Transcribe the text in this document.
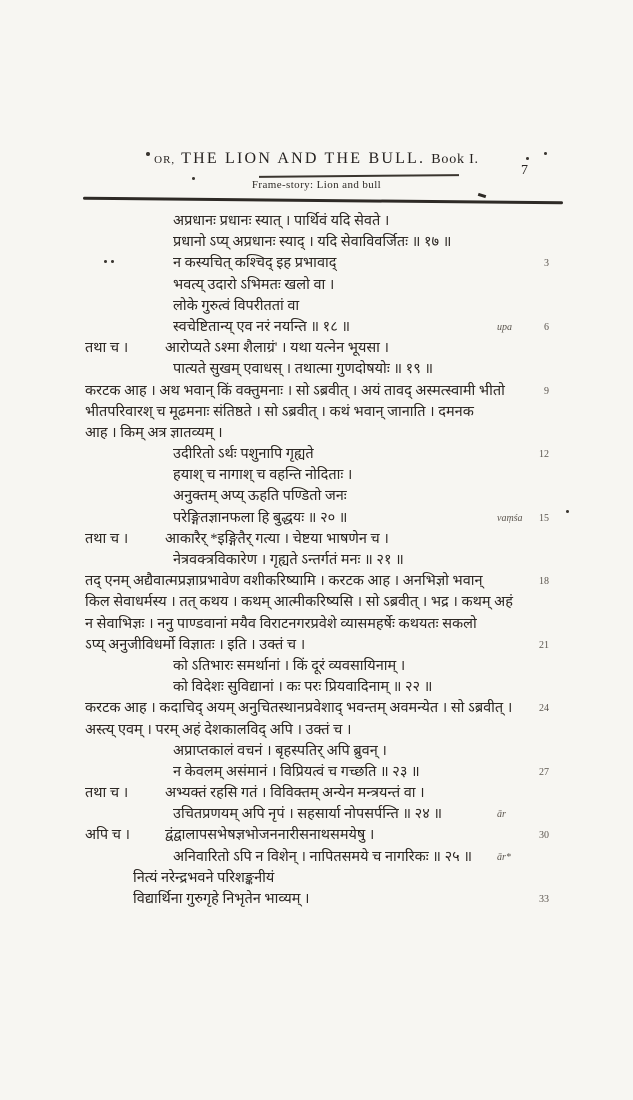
OR, THE LION AND THE BULL. Book I.
7
Frame-story: Lion and bull
अप्रधानः प्रधानः स्यात् । पार्थिवं यदि सेवते ।
प्रधानो ऽप्य् अप्रधानः स्याद् । यदि सेवाविवर्जितः ॥ १७ ॥
न कस्यचित् कश्चिद् इह प्रभावाद्	3
भवत्य् उदारो ऽभिमतः खलो वा ।
लोके गुरुत्वं विपरीततां वा
स्वचेष्टितान्य् एव नरं नयन्ति ॥ १८ ॥	upa	6
तथा च ।	आरोप्यते ऽश्मा शैलाग्रं' । यथा यत्नेन भूयसा ।
पात्यते सुखम् एवाधस् । तथात्मा गुणदोषयोः ॥ १९ ॥
करटक आह । अथ भवान् किं वक्तुमनाः । सो ऽब्रवीत् । अयं तावद् अस्मत्स्वामी भीतो	9
भीतपरिवारश् च मूढमनाः संतिष्ठते । सो ऽब्रवीत् । कथं भवान् जानाति । दमनक
आह । किम् अत्र ज्ञातव्यम् ।
उदीरितो ऽर्थः पशुनापि गृह्यते	12
हयाश् च नागाश् च वहन्ति नोदिताः ।
अनुक्तम् अप्य् ऊहति पण्डितो जनः
परेङ्गितज्ञानफला हि बुद्धयः ॥ २० ॥	vaṃśa 15
तथा च ।	आकारैर् *इङ्गितैर् गत्या । चेष्टया भाषणेन च ।
नेत्रवक्त्रविकारेण । गृह्यते ऽन्तर्गतं मनः ॥ २१ ॥
तद् एनम् अद्यैवात्मप्रज्ञाप्रभावेण वशीकरिष्यामि । करटक आह । अनभिज्ञो भवान्	18
किल सेवाधर्मस्य । तत् कथय । कथम् आत्मीकरिष्यसि । सो ऽब्रवीत् । भद्र । कथम् अहं
न सेवाभिज्ञः । ननु पाण्डवानां मयैव विराटनगरप्रवेशे व्यासमहर्षेः कथयतः सकलो
ऽप्य् अनुजीविधर्मो विज्ञातः । इति । उक्तं च ।	21
को ऽतिभारः समर्थानां । किं दूरं व्यवसायिनाम् ।
को विदेशः सुविद्यानां । कः परः प्रियवादिनाम् ॥ २२ ॥
करटक आह । कदाचिद् अयम् अनुचितस्थानप्रवेशाद् भवन्तम् अवमन्येत । सो ऽब्रवीत् ।	24
अस्त्य् एवम् । परम् अहं देशकालविद् अपि । उक्तं च ।
अप्राप्तकालं वचनं । बृहस्पतिर् अपि ब्रुवन् ।
न केवलम् असंमानं । विप्रियत्वं च गच्छति ॥ २३ ॥	27
तथा च ।	अभ्यक्तं रहसि गतं । विविक्तम् अन्येन मन्त्रयन्तं वा ।
उचितप्रणयम् अपि नृपं । सहसार्या नोपसर्पन्ति ॥ २४ ॥	ār
अपि च । द्वंद्वालापसभेषज्ञभोजननारीसनाथसमयेषु ।	30
अनिवारितो ऽपि न विशेन् । नापितसमये च नागरिकः ॥ २५ ॥ ār*
नित्यं नरेन्द्रभवने परिशङ्कनीयं
विद्यार्थिना गुरुगृहे निभृतेन भाव्यम् ।	33
